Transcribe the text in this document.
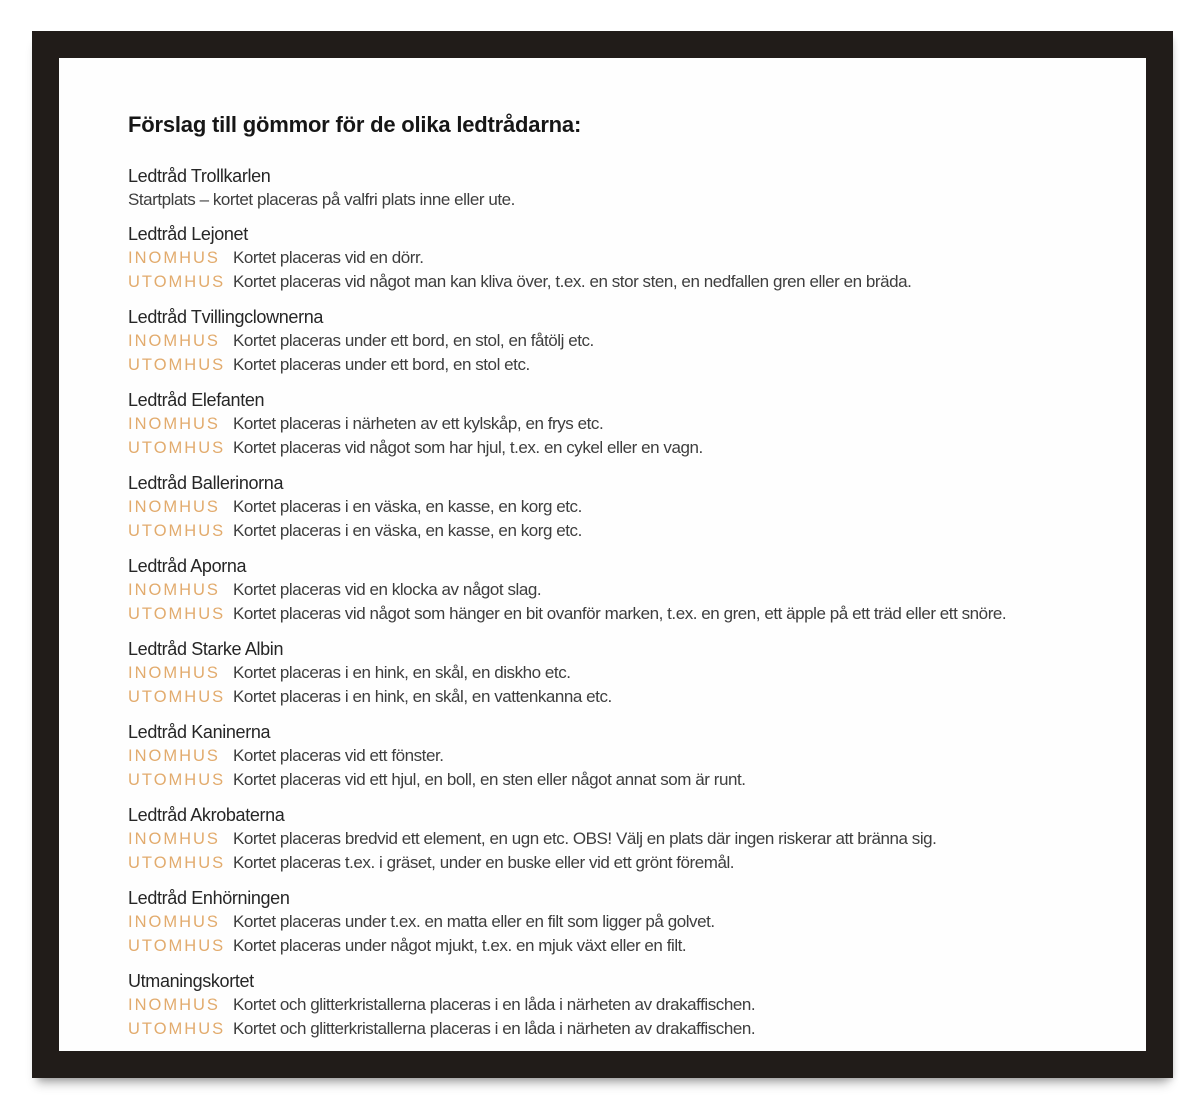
Förslag till gömmor för de olika ledtrådarna:
Ledtråd Trollkarlen
Startplats – kortet placeras på valfri plats inne eller ute.
Ledtråd Lejonet
INOMHUS Kortet placeras vid en dörr.
UTOMHUS Kortet placeras vid något man kan kliva över, t.ex. en stor sten, en nedfallen gren eller en bräda.
Ledtråd Tvillingclownerna
INOMHUS Kortet placeras under ett bord, en stol, en fåtölj etc.
UTOMHUS Kortet placeras under ett bord, en stol etc.
Ledtråd Elefanten
INOMHUS Kortet placeras i närheten av ett kylskåp, en frys etc.
UTOMHUS Kortet placeras vid något som har hjul, t.ex. en cykel eller en vagn.
Ledtråd Ballerinorna
INOMHUS Kortet placeras i en väska, en kasse, en korg etc.
UTOMHUS Kortet placeras i en väska, en kasse, en korg etc.
Ledtråd Aporna
INOMHUS Kortet placeras vid en klocka av något slag.
UTOMHUS Kortet placeras vid något som hänger en bit ovanför marken, t.ex. en gren, ett äpple på ett träd eller ett snöre.
Ledtråd Starke Albin
INOMHUS Kortet placeras i en hink, en skål, en diskho etc.
UTOMHUS Kortet placeras i en hink, en skål, en vattenkanna etc.
Ledtråd Kaninerna
INOMHUS Kortet placeras vid ett fönster.
UTOMHUS Kortet placeras vid ett hjul, en boll, en sten eller något annat som är runt.
Ledtråd Akrobaterna
INOMHUS Kortet placeras bredvid ett element, en ugn etc. OBS! Välj en plats där ingen riskerar att bränna sig.
UTOMHUS Kortet placeras t.ex. i gräset, under en buske eller vid ett grönt föremål.
Ledtråd Enhörningen
INOMHUS Kortet placeras under t.ex. en matta eller en filt som ligger på golvet.
UTOMHUS Kortet placeras under något mjukt, t.ex. en mjuk växt eller en filt.
Utmaningskortet
INOMHUS Kortet och glitterkristallerna placeras i en låda i närheten av drakaffischen.
UTOMHUS Kortet och glitterkristallerna placeras i en låda i närheten av drakaffischen.
